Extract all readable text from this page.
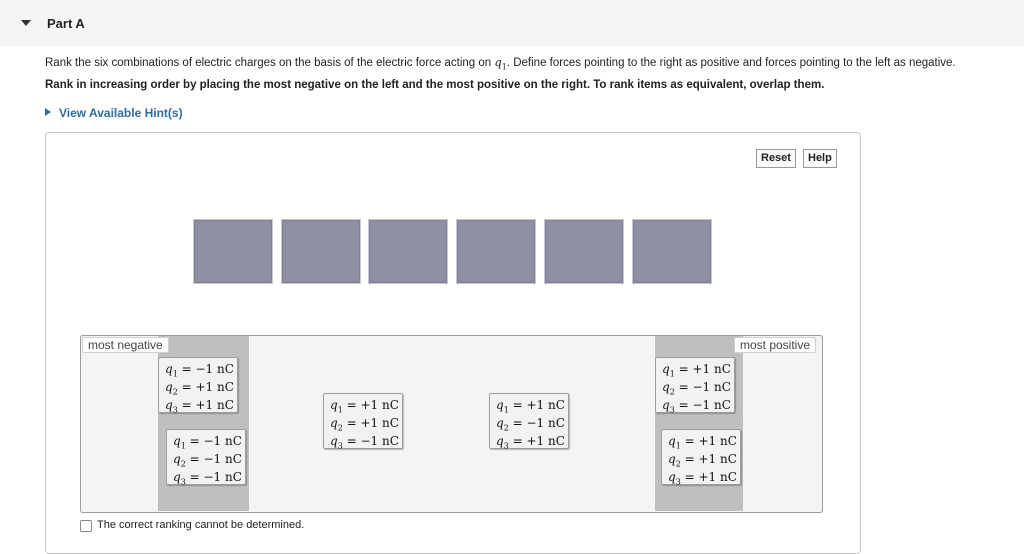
Part A
Rank the six combinations of electric charges on the basis of the electric force acting on $q_1$. Define forces pointing to the right as positive and forces pointing to the left as negative.
Rank in increasing order by placing the most negative on the left and the most positive on the right. To rank items as equivalent, overlap them.
View Available Hint(s)
Reset	Help
most negative	most positive
$q_1 = -1$ nC
$q_2 = +1$ nC
$q_3 = +1$ nC
$q_1 = -1$ nC
$q_2 = -1$ nC
$q_3 = -1$ nC
$q_1 = +1$ nC
$q_2 = +1$ nC
$q_3 = -1$ nC
$q_1 = +1$ nC
$q_2 = -1$ nC
$q_3 = +1$ nC
$q_1 = +1$ nC
$q_2 = -1$ nC
$q_3 = -1$ nC
$q_1 = +1$ nC
$q_2 = +1$ nC
$q_3 = +1$ nC
The correct ranking cannot be determined.
